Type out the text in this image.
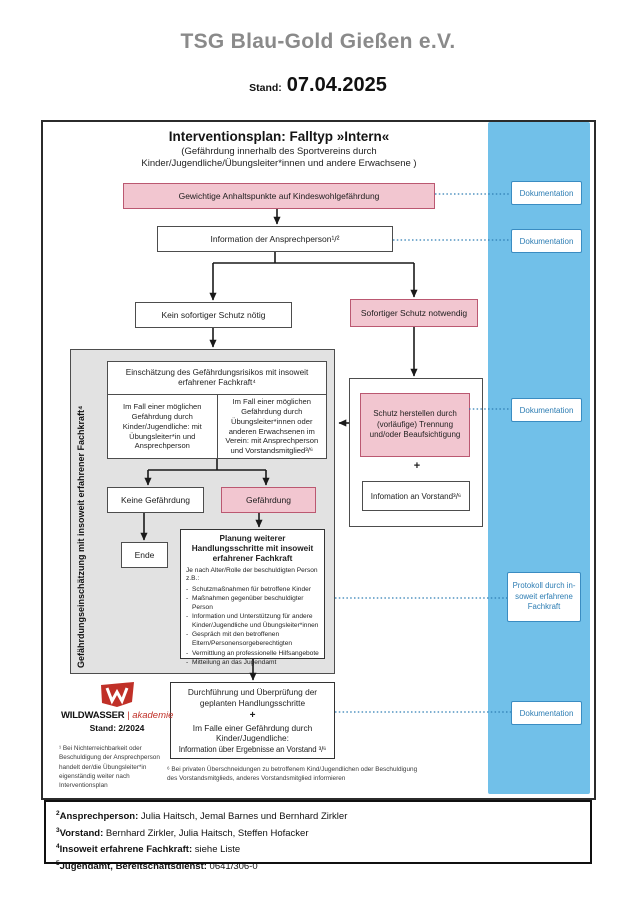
TSG Blau-Gold Gießen e.V.
Stand: 07.04.2025
Interventionsplan: Falltyp »Intern«
(Gefährdung innerhalb des Sportvereins durch
Kinder/Jugendliche/Übungsleiter*innen und andere Erwachsene )
Gewichtige Anhaltspunkte auf Kindeswohlgefährdung
Information der Ansprechperson¹/²
Kein sofortiger Schutz nötig	Sofortiger Schutz notwendig
Gefährdungseinschätzung mit insoweit erfahrener Fachkraft⁴
Einschätzung des Gefährdungsrisikos mit insoweit erfahrener Fachkraft⁴
Im Fall einer möglichen Gefährdung durch Kinder/Jugendliche: mit Übungsleiter*in und Ansprechperson
Im Fall einer möglichen Gefährdung durch Übungsleiter*innen oder anderen Erwachsenen im Verein: mit Ansprechperson und Vorstandsmitglied³/⁶
Keine Gefährdung	Gefährdung
Ende
Planung weiterer Handlungsschritte mit insoweit erfahrener Fachkraft
Je nach Alter/Rolle der beschuldigten Person z.B.:
- Schutzmaßnahmen für betroffene Kinder
- Maßnahmen gegenüber beschuldigter Person
- Information und Unterstützung für andere Kinder/Jugendliche und Übungsleiter*innen
- Gespräch mit den betroffenen Eltern/Personensorgeberechtigten
- Vermittlung an professionelle Hilfsangebote
- Mitteilung an das Jugendamt
Schutz herstellen durch (vorläufige) Trennung und/oder Beaufsichtigung
+
Infomation an Vorstand³/⁶
Durchführung und Überprüfung der geplanten Handlungsschritte
+
Im Falle einer Gefährdung durch Kinder/Jugendliche:
Information über Ergebnisse an Vorstand ³/⁶
Dokumentation
Dokumentation
Dokumentation
Protokoll durch in-soweit erfahrene Fachkraft
Dokumentation
WILDWASSER | akademie
Stand: 2/2024
¹ Bei Nichterreichbarkeit oder Beschuldigung der Ansprechperson handelt der/die Übungsleiter*in eigenständig weiter nach Interventionsplan
⁶ Bei privaten Überschneidungen zu betroffenem Kind/Jugendlichen oder Beschuldigung des Vorstandsmitglieds, anderes Vorstandsmitglied informieren
$^2$Ansprechperson: Julia Haitsch, Jemal Barnes und Bernhard Zirkler
$^3$Vorstand: Bernhard Zirkler, Julia Haitsch, Steffen Hofacker
$^4$Insoweit erfahrene Fachkraft: siehe Liste
$^5$Jugendamt, Bereitschaftsdienst: 0641/306-0
